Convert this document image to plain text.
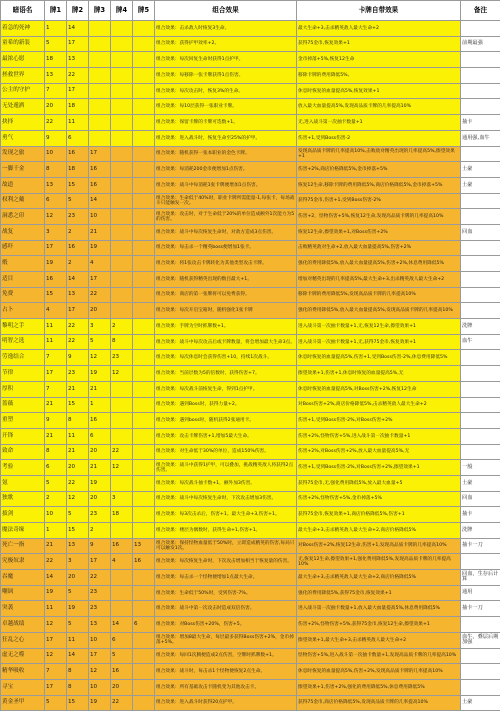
暗语名	牌1	牌2	牌3	牌4	牌5	组合效果	卡牌自带效果	备注
着急的死神	1	14				组合效果：击杀敌人时恢复3生命。	最大生命+3,击杀精英敌人最大生命+2	
童希的新装	5	17				组合效果：获得护甲效率+2。	获得75金币,恢复效果+1	前期最强
最浓心愿	18	13				组合效果：每次回复生命时获得1点护甲。	金币掉落+5%,恢复12生命	
拯救世界	13	22				组合效果：每移除一张卡牌获得1点伤害。	移除卡牌的费用降低5%,	
公主的守护	7	17				组合效果：每次攻击时，恢复3%的生命。	休息时恢复的血量提高5%,恢复效果+1	
无处遁洒	20	18				组合效果：每10层获得一张职业卡牌。	放入最大血量提高5%,发现高品质卡牌的几率提高10%	
抉择	22	11				组合效果：保留卡牌的卡牌可选数+1。	无,进入战斗第一次抽卡数量+1	抽卡
勇气	9	6				组合效果：进入战斗时，恢复生命至25%的护甲。	伤害+1,受到Boss伤害-2	通用强,血牛
发现之旅	10	16	17			组合效果：随机获得一张本职业的金色卡牌。	发现高品质卡牌的几率提高10%,击败敌对精英出现的几率提高5%,擦望效果+1	
一脚千金	8	18	16			组合效果：每消耗200金币便增加1点伤害。	伤害+2%,商店价格降低5%,金币掉落+5%	土豪
故道	13	15	16			组合效果：战斗中每消耗1张卡牌便增加1点伤害。	恢复12生命,移除卡牌的费用降低5%,商店价格降低5%,金币掉落+5%	土豪
权利之戴	6	5	14			组合效果：生命低于40%时，职业卡牌所需能量-1,每张卡，每场战斗只能触发一次。	获得75金币,伤害+1,受到Boss伤害-2%	
洞悉之印	12	23	10			组合效果：攻击时，对于生命低于20%的单位造成额外1次能力为5的伤害。	伤害+2，怪物伤害+5%,恢复12生命,发现高品质卡牌的几率提高10%	
战复	3	2	21			组合效果：战斗中每次恢复生命时，对敌方造成3点伤害。	恢复12生命,擦望效果+1,对Boss伤害+2%	回血
感吓	17	16	19			组合效果：每击杀一个精英boss便增加1张卡。	击败精英敌对生命+2,放入最大血量提高5%,伤害+2%	
煅	19	2	4			组合效果：将1张攻击卡牌转化为其他类型攻击卡牌。	强化的费用降低5%,放入最大血量提高5%,伤害+2%,休息费用降低5%	
适目	16	14	17			组合效果：随机获得精英出现的数目最大+1。	增加对精英出现的几率提高5%,最大生命+3,出杀精英敌人最大生命+2	
免费	15	13	22			组合效果：商店的第一张牌将可以免费获得。	移除卡牌的费用降低5%,发现高品质卡牌的几率提高10%	
占卜	4	17	20			组合效果：每次开启宝箱时，随机强化1张卡牌	强化的费用降低5%,放入最大血量提高5%,发现高品质卡牌的几率提高10%	
黎明之手	11	22	3	2		组合效果：手牌为空时抓牌数+1。	进入战斗第一次抽卡数量+1,无,恢复12生命,擦望效果+1	洗牌
明智之选	11	22	5	8		组合效果：战斗中每次攻击后或卡牌数量，将会增加最大生命3点。	进入战斗第一次抽卡数量+1,无,获得75金币,恢复效果+1	血牛
劳逸结合	7	9	12	23		组合效果：每次休息时会获得伤害+10，持续1次战斗。	休息时恢复的血量提高5%,伤害+1,受到Boss伤害-2%,休息费用降低5%	
节律	17	23	19	12		组合效果：当前层数为5的倍数时，获得伤害+7。	擦望效果+1,伤害+1,休息时恢复的血量提高5%,无	
厚积	7	21	21			组合效果：每次战斗前恢复生命，得到1点护甲。	休息时恢复的血量提高5%,对Boss伤害+2%,恢复12生命	
蔷薇	21	15	1			组合效果：遇到Boss时，获得力量+2。	对Boss伤害+2%,商店价格降低5%,击杀精英敌人最大生命+2	
重塑	9	8	16			组合效果：遇到boss时，随机获得2张通用卡。	伤害+1,受到Boss伤害-2%,对Boss伤害+2%	
开锋	21	11	6			组合效果：攻击卡牌伤害+1,增加5最大生命。	伤害+2%,怪物伤害+5%,进入战斗第一次抽卡数量+1	
致命	8	21	20	22		组合效果：对生命低于30%的单位，造成150%伤害。	伤害+2%,对Boss伤害+2%,放入最大血量提高5%,无	
考验	6	20	21	12		组合效果：战斗中获得1护甲，可以叠加，挑战精英敌人将获得2点伤害。	伤害+1,受到Boss伤害-2%,对Boss伤害+2%,擦望效果+1	一般
氪	5	22	19			组合效果：每次战斗抽卡数+1，额外加3伤害。	获得75金币,无,强化费用降低5%,放入最大血量+5	土豪
独歌	2	12	20	3		组合效果：战斗中每次恢复生命时，下次攻击增加3伤害。	伤害+2%,怪物伤害+5%,金币掉落+5%	回血
拔剑	10	5	23	18		组合效果：每3次击杀后，伤害+1。最大生命+3,伤害+1。	获得75金币,恢复效果+1,商店价格降低5%,伤害+1	抽卡
魔法奇缘	1	15	2			组合效果：楼层为偶数时，获得生命+1,伤害+1。	最大生命+3,击杀精英敌人最大生命+2,商店价格降低5%	洗牌
死亡一指	21	13	9	16	13	组合效果：保持怪物血量低于50%时，立即造成精英的伤害,每局只可以触发1次。	对Boss伤害+2%,恢复12生命,伤害+1,发现高品质卡牌的几率提高10%	抽卡一刀
究极奴隶	22	3	17	4	16	组合效果：每次恢复生命时，下次攻击增加相当于恢复量的伤害。	无,恢复12生命,擦望效果+1,强化费用降低5%,发现高品质卡牌的几率提高10%	
吞魔	14	20	22			组合效果：每击杀一个怪物便增加1点最大生命。	最大生命+3,击杀精英敌人最大生命+2,商店价格降低5%	回血，生存后计算
嘲讽	19	5	23			组合效果：生命低于50%时，受到伤害-7%。	强化的费用降低5%,获得75金币,恢复效果+1	通用
突袭	11	19	23			组合效果：战斗中第一次攻击时造成双倍伤害。	进入战斗第一次抽卡数量+1,放入最大血量提高5%,休息费用降低5%	抽卡一刀
卓越战绩	12	5	13	14	6	组合效果：对Boss伤害+20%，伤害+5。	伤害+2%,怪物伤害+5%,获得75金币,恢复12生命,擦望效果+1	
狂乱之心	17	11	10	6		组合效果：增加8最大生命，每层最多获得Boss伤害+2%，金币掉落+5%。	擦望效果+1,最大生命+3,击杀精英敌人最大生命+2	血牛，叠层后期加强
虚无之噬	12	14	17	5		组合效果：每回1次腾便造成2点伤害，空牌时抓牌数+1。	怪物伤害+5%,进入战斗第一次抽卡数量+1,发现高品质卡牌的几率提高10%	
精华吸收	7	8	12	16		组合效果：战斗时，每击杀1个怪物便恢复2点生命。	休息时恢复的血量提高5%,伤害+2%,发现高品质卡牌的几率提高10%	
寻宝	17	8	10	20		组合效果：所有基础攻击卡随机变为其他攻击卡。	擦望效果+1,伤害+2%,强化的费用降低5%,休息费用降低5%	
黄金圣甲	5	15	19	22		组合效果：进入战斗时获得20点护甲。	获得75金币,商店价格降低5%,发现高品质卡牌的几率提高10%	土豪
